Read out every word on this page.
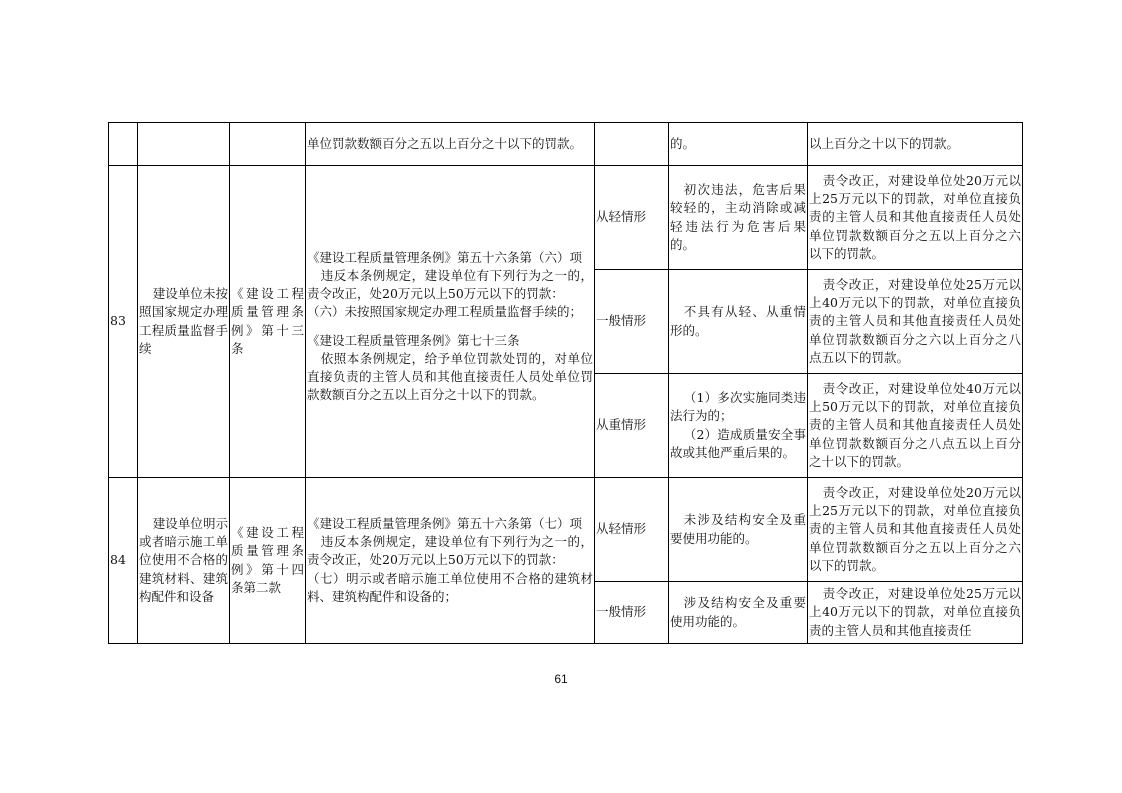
			单位罚款数额百分之五以上百分之十以下的罚款。		的。	以上百分之十以下的罚款。
83	建设单位未按照国家规定办理工程质量监督手续	《建设工程质量管理条例》第十三条	《建设工程质量管理条例》第五十六条第（六）项

违反本条例规定，建设单位有下列行为之一的，责令改正，处20万元以上50万元以下的罚款：

（六）未按照国家规定办理工程质量监督手续的；

《建设工程质量管理条例》第七十三条

依照本条例规定，给予单位罚款处罚的，对单位直接负责的主管人员和其他直接责任人员处单位罚款数额百分之五以上百分之十以下的罚款。	从轻情形	初次违法，危害后果较轻的，主动消除或减轻违法行为危害后果的。	责令改正，对建设单位处20万元以上25万元以下的罚款，对单位直接负责的主管人员和其他直接责任人员处单位罚款数额百分之五以上百分之六以下的罚款。
				一般情形	不具有从轻、从重情形的。	责令改正，对建设单位处25万元以上40万元以下的罚款，对单位直接负责的主管人员和其他直接责任人员处单位罚款数额百分之六以上百分之八点五以下的罚款。
				从重情形	（1）多次实施同类违法行为的；

（2）造成质量安全事故或其他严重后果的。	责令改正，对建设单位处40万元以上50万元以下的罚款，对单位直接负责的主管人员和其他直接责任人员处单位罚款数额百分之八点五以上百分之十以下的罚款。
84	建设单位明示或者暗示施工单位使用不合格的建筑材料、建筑构配件和设备	《建设工程质量管理条例》第十四条第二款	《建设工程质量管理条例》第五十六条第（七）项

违反本条例规定，建设单位有下列行为之一的，责令改正，处20万元以上50万元以下的罚款：

（七）明示或者暗示施工单位使用不合格的建筑材料、建筑构配件和设备的；	从轻情形	未涉及结构安全及重要使用功能的。	责令改正，对建设单位处20万元以上25万元以下的罚款，对单位直接负责的主管人员和其他直接责任人员处单位罚款数额百分之五以上百分之六以下的罚款。
				一般情形	涉及结构安全及重要使用功能的。	责令改正，对建设单位处25万元以上40万元以下的罚款，对单位直接负责的主管人员和其他直接责任
61
